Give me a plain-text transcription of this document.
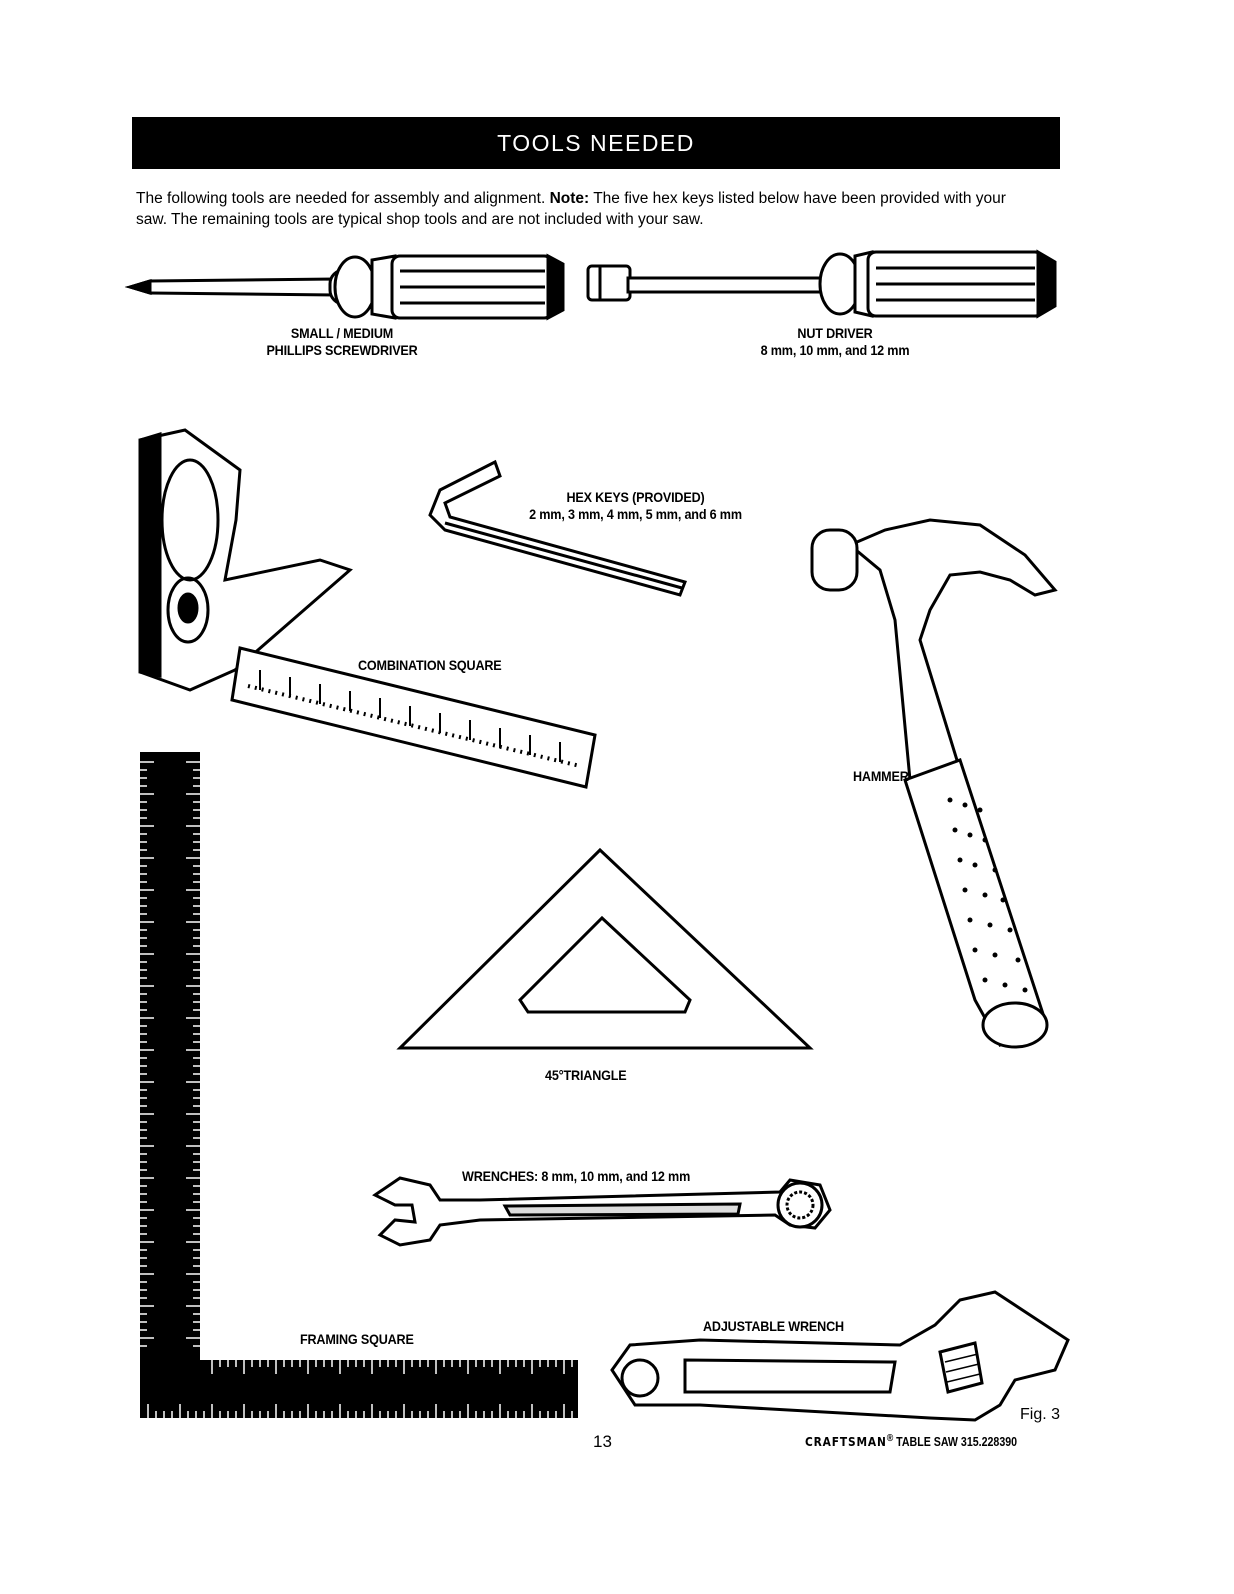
TOOLS NEEDED
The following tools are needed for assembly and alignment. Note: The five hex keys listed below have been provided with your saw. The remaining tools are typical shop tools and are not included with your saw.
SMALL / MEDIUM
PHILLIPS SCREWDRIVER
NUT DRIVER
8 mm, 10 mm, and 12 mm
HEX KEYS (PROVIDED)
2 mm, 3 mm, 4 mm, 5 mm, and 6 mm
COMBINATION SQUARE
HAMMER
45°TRIANGLE
WRENCHES: 8 mm, 10 mm, and 12 mm
FRAMING SQUARE
ADJUSTABLE WRENCH
Fig. 3
13	CRAFTSMAN® TABLE SAW 315.228390
